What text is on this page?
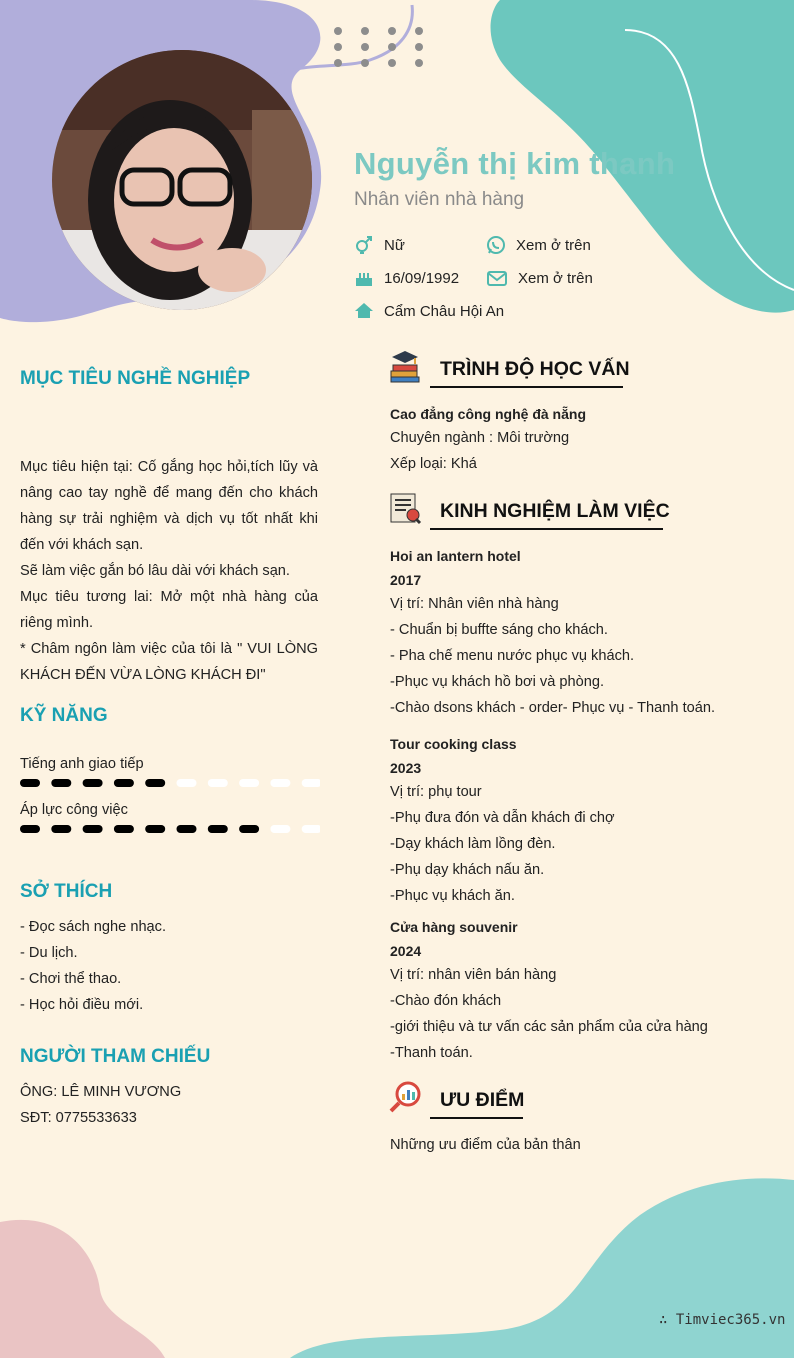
Nguyễn thị kim thanh
Nhân viên nhà hàng
Nữ	Xem ở trên
16/09/1992	Xem ở trên
Cẩm Châu Hội An
MỤC TIÊU NGHỀ NGHIỆP
Mục tiêu hiện tại: Cố gắng học hỏi,tích lũy và nâng cao tay nghề để mang đến cho khách hàng sự trải nghiệm và dịch vụ tốt nhất khi đến với khách sạn.
Sẽ làm việc gắn bó lâu dài với khách sạn.
Mục tiêu tương lai: Mở một nhà hàng của riêng mình.
* Châm ngôn làm việc của tôi là " VUI LÒNG KHÁCH ĐẾN VỪA LÒNG KHÁCH ĐI"
KỸ NĂNG
Tiếng anh giao tiếp
Áp lực công việc
SỞ THÍCH
- Đọc sách nghe nhạc.
- Du lịch.
- Chơi thể thao.
- Học hỏi điều mới.
NGƯỜI THAM CHIẾU
ÔNG: LÊ MINH VƯƠNG
SĐT: 0775533633
TRÌNH ĐỘ HỌC VẤN
Cao đẳng công nghệ đà nẵng
Chuyên ngành : Môi trường
Xếp loại: Khá
KINH NGHIỆM LÀM VIỆC
Hoi an lantern hotel
2017
Vị trí: Nhân viên nhà hàng
- Chuẩn bị buffte sáng cho khách.
- Pha chế menu nước phục vụ khách.
-Phục vụ khách hồ bơi và phòng.
-Chào dsons khách - order- Phục vụ - Thanh toán.
Tour cooking class
2023
Vị trí: phụ tour
-Phụ đưa đón và dẫn khách đi chợ
-Dạy khách làm lồng đèn.
-Phụ dạy khách nấu ăn.
-Phục vụ khách ăn.
Cửa hàng souvenir
2024
Vị trí: nhân viên bán hàng
-Chào đón khách
-giới thiệu và tư vấn các sản phẩm của cửa hàng
-Thanh toán.
ƯU ĐIỂM
Những ưu điểm của bản thân
∴ Timviec365.vn
